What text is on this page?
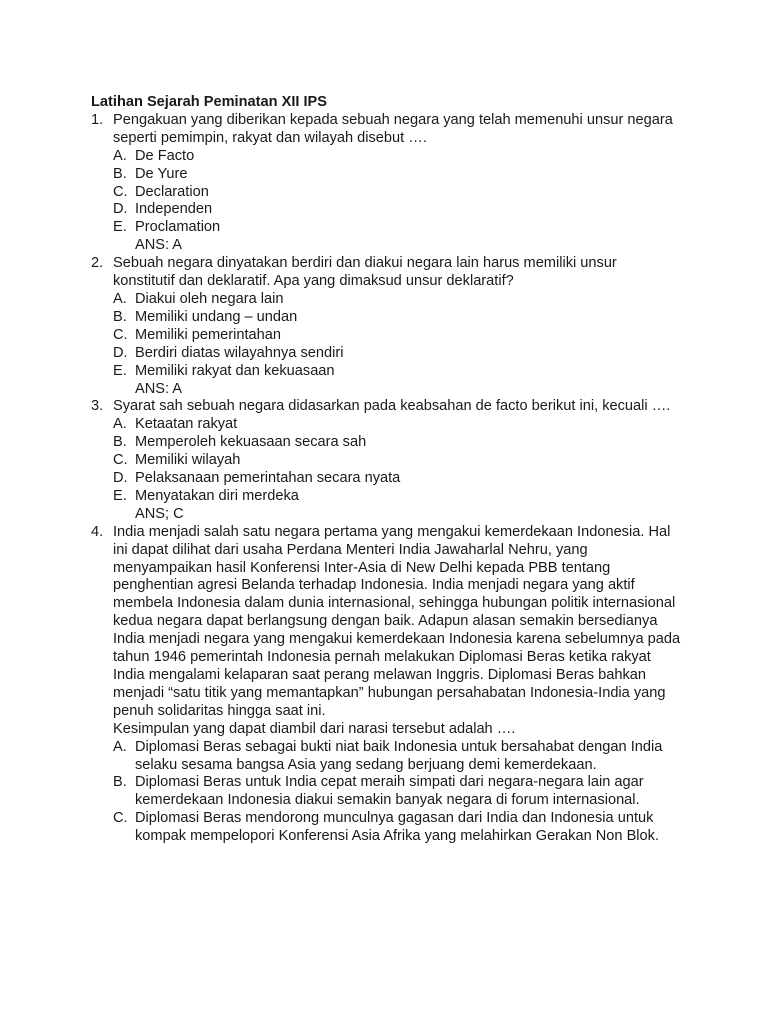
Latihan Sejarah Peminatan XII IPS

1. Pengakuan yang diberikan kepada sebuah negara yang telah memenuhi unsur negara seperti pemimpin, rakyat dan wilayah disebut ….

A. De Facto
B. De Yure
C. Declaration
D. Independen
E. Proclamation
ANS: A
2. Sebuah negara dinyatakan berdiri dan diakui negara lain harus memiliki unsur konstitutif dan deklaratif. Apa yang dimaksud unsur deklaratif?

A. Diakui oleh negara lain
B. Memiliki undang – undan
C. Memiliki pemerintahan
D. Berdiri diatas wilayahnya sendiri
E. Memiliki rakyat dan kekuasaan
ANS: A
3. Syarat sah sebuah negara didasarkan pada keabsahan de facto berikut ini, kecuali ….

A. Ketaatan rakyat
B. Memperoleh kekuasaan secara sah
C. Memiliki wilayah
D. Pelaksanaan pemerintahan secara nyata
E. Menyatakan diri merdeka
ANS; C
4. India menjadi salah satu negara pertama yang mengakui kemerdekaan Indonesia. Hal ini dapat dilihat dari usaha Perdana Menteri India Jawaharlal Nehru, yang menyampaikan hasil Konferensi Inter-Asia di New Delhi kepada PBB tentang penghentian agresi Belanda terhadap Indonesia. India menjadi negara yang aktif membela Indonesia dalam dunia internasional, sehingga hubungan politik internasional kedua negara dapat berlangsung dengan baik. Adapun alasan semakin bersedianya India menjadi negara yang mengakui kemerdekaan Indonesia karena sebelumnya pada tahun 1946 pemerintah Indonesia pernah melakukan Diplomasi Beras ketika rakyat India mengalami kelaparan saat perang melawan Inggris. Diplomasi Beras bahkan menjadi “satu titik yang memantapkan” hubungan persahabatan Indonesia-India yang penuh solidaritas hingga saat ini.

Kesimpulan yang dapat diambil dari narasi tersebut adalah ….

A. Diplomasi Beras sebagai bukti niat baik Indonesia untuk bersahabat dengan India selaku sesama bangsa Asia yang sedang berjuang demi kemerdekaan.
B. Diplomasi Beras untuk India cepat meraih simpati dari negara-negara lain agar kemerdekaan Indonesia diakui semakin banyak negara di forum internasional.
C. Diplomasi Beras mendorong munculnya gagasan dari India dan Indonesia untuk kompak mempelopori Konferensi Asia Afrika yang melahirkan Gerakan Non Blok.
